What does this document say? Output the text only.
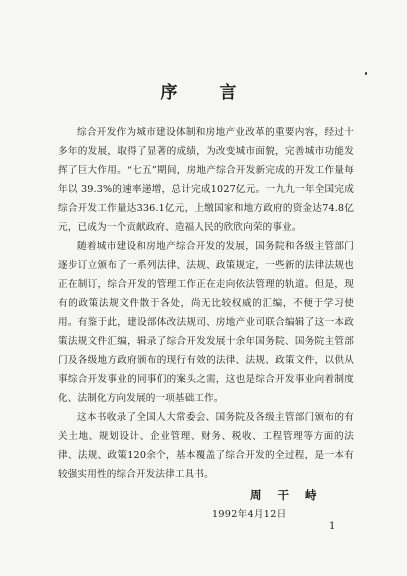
序 言

综合开发作为城市建设体制和房地产业改革的重要内容，经过十多年的发展，取得了显著的成绩，为改变城市面貌，完善城市功能发挥了巨大作用。“七五”期间，房地产综合开发新完成的开发工作量每年以 39.3%的速率递增，总计完成1027亿元。一九九一年全国完成综合开发工作量达336.1亿元，上缴国家和地方政府的资金达74.8亿元，已成为一个贡献政府、造福人民的欣欣向荣的事业。

随着城市建设和房地产综合开发的发展，国务院和各级主管部门逐步订立颁布了一系列法律、法规、政策规定，一些新的法律法规也正在制订，综合开发的管理工作正在走向依法管理的轨道。但是，现有的政策法规文件散于各处，尚无比较权威的汇编，不便于学习使用。有鉴于此，建设部体改法规司、房地产业司联合编辑了这一本政策法规文件汇编，辑录了综合开发发展十余年国务院、国务院主管部门及各级地方政府颁布的现行有效的法律、法规、政策文件，以供从事综合开发事业的同事们的案头之需，这也是综合开发事业向着制度化、法制化方向发展的一项基础工作。

这本书收录了全国人大常委会、国务院及各级主管部门颁布的有关土地、规划设计、企业管理、财务、税收、工程管理等方面的法律、法规、政策120余个，基本覆盖了综合开发的全过程，是一本有较强实用性的综合开发法律工具书。

周 干 峙
1992年4月12日
1
